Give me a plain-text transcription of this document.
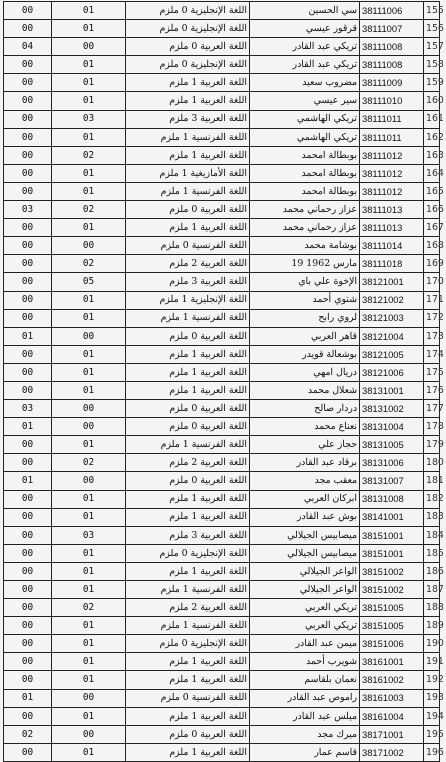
00	01	اللغة الإنجليزية 0 ملزم	سي الحسين	38111006	155
00	01	اللغة الإنجليزية 0 ملزم	قرقور عيسي	38111007	156
04	00	اللغة العربية 0 ملزم	تريكي عبد القادر	38111008	157
00	01	اللغة الإنجليزية 0 ملزم	تريكي عبد القادر	38111008	158
00	01	اللغة العربية 1 ملزم	مضروب سعيد	38111009	159
00	01	اللغة العربية 1 ملزم	سير عيسي	38111010	160
00	03	اللغة العربية 3 ملزم	تريكي الهاشمي	38111011	161
00	01	اللغة الفرنسية 1 ملزم	تريكي الهاشمي	38111011	162
00	02	اللغة العربية 1 ملزم	بوبطالة امحمد	38111012	163
00	01	اللغة الأمازيغية 1 ملزم	بوبطالة امحمد	38111012	164
00	01	اللغة الفرنسية 1 ملزم	بوبطالة امحمد	38111012	165
03	02	اللغة العربية 0 ملزم	عزاز رحماني محمد	38111013	166
00	01	اللغة العربية 1 ملزم	عزاز رحماني محمد	38111013	167
00	00	اللغة الفرنسية 0 ملزم	بوشامة محمد	38111014	168
00	02	اللغة العربية 2 ملزم	مارس 1962 19	38111018	169
00	05	اللغة العربية 3 ملزم	الإخوة علي باي	38121001	170
00	01	اللغة الإنجليزية 1 ملزم	شتوي أحمد	38121002	171
00	01	اللغة الفرنسية 1 ملزم	لروي رابح	38121003	172
01	00	اللغة العربية 0 ملزم	قاهر العربي	38121004	173
00	01	اللغة العربية 1 ملزم	بوشعالة قويدر	38121005	174
00	01	اللغة العربية 1 ملزم	دريال امهي	38121006	175
00	01	اللغة العربية 1 ملزم	شعلال محمد	38131001	176
03	00	اللغة العربية 0 ملزم	دردار صالح	38131002	177
01	00	اللغة العربية 0 ملزم	نعناع محمد	38131004	178
00	01	اللغة الفرنسية 1 ملزم	حجاز علي	38131005	179
00	02	اللغة العربية 2 ملزم	برقاد عبد القادر	38131006	180
01	00	اللغة العربية 0 ملزم	معقب مجد	38131007	181
00	01	اللغة العربية 1 ملزم	ابركان العربي	38131008	182
00	01	اللغة العربية 1 ملزم	بوش عبد القادر	38141001	183
00	03	اللغة العربية 3 ملزم	ميصابيس الجيلالي	38151001	184
00	01	اللغة الإنجليزية 0 ملزم	ميصابيس الجيلالي	38151001	185
00	01	اللغة العربية 1 ملزم	الواعر الجيلالي	38151002	186
00	01	اللغة الفرنسية 1 ملزم	الواعر الجيلالي	38151002	187
00	02	اللغة العربية 2 ملزم	تريكي العربي	38151005	188
00	01	اللغة الفرنسية 1 ملزم	تريكي العربي	38151005	189
00	01	اللغة الإنجليزية 0 ملزم	ميمن عبد القادر	38151006	190
00	01	اللغة العربية 1 ملزم	شويرب أحمد	38161001	191
00	01	اللغة العربية 1 ملزم	نعمان بلقاسم	38161002	192
01	00	اللغة الفرنسية 0 ملزم	راموص عبد القادر	38161003	193
00	01	اللغة العربية 1 ملزم	ميلس عبد القادر	38161004	194
02	00	اللغة العربية 0 ملزم	ميرك مجد	38171001	195
00	01	اللغة العربية 1 ملزم	قاسم عمار	38171002	196
